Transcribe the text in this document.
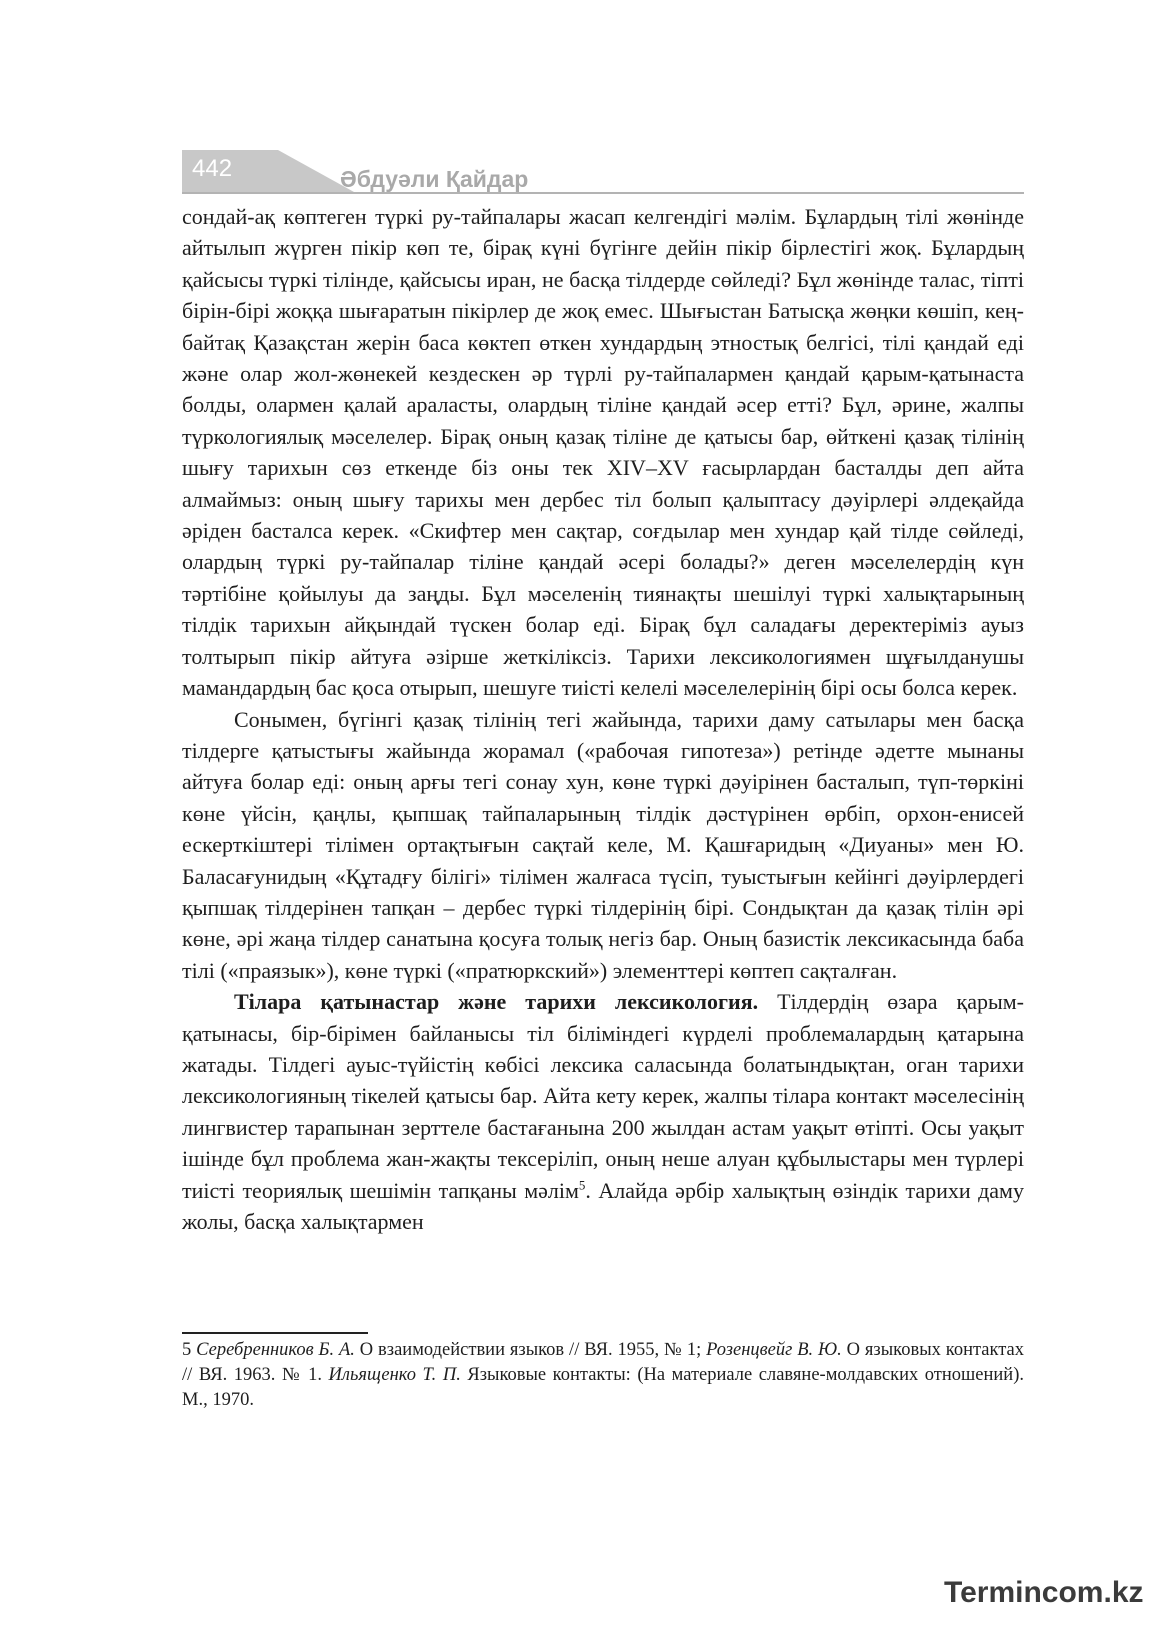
442	Әбдуәли Қайдар

сондай-ақ көптеген түркі ру-тайпалары жасап келгендігі мәлім. Бұлардың тілі жөнінде айтылып жүрген пікір көп те, бірақ күні бүгінге дейін пікір бірлестігі жоқ. Бұлардың қайсысы түркі тілінде, қайсысы иран, не басқа тілдерде сөйледі? Бұл жөнінде талас, тіпті бірін-бірі жоққа шығаратын пікірлер де жоқ емес. Шығыстан Батысқа жөңки көшіп, кең-байтақ Қазақстан жерін баса көктеп өткен хундардың этностық белгісі, тілі қандай еді және олар жол-жөнекей кездескен әр түрлі ру-тайпалармен қандай қарым-қатынаста болды, олармен қалай араласты, олардың тіліне қандай әсер етті? Бұл, әрине, жалпы түркологиялық мәселелер. Бірақ оның қазақ тіліне де қатысы бар, өйткені қазақ тілінің шығу тарихын сөз еткенде біз оны тек XIV–XV ғасырлардан басталды деп айта алмаймыз: оның шығу тарихы мен дербес тіл болып қалыптасу дәуірлері әлдеқайда әріден басталса керек. «Скифтер мен сақтар, соғдылар мен хундар қай тілде сөйледі, олардың түркі ру-тайпалар тіліне қандай әсері болады?» деген мәселелердің күн тәртібіне қойылуы да заңды. Бұл мәселенің тиянақты шешілуі түркі халықтарының тілдік тарихын айқындай түскен болар еді. Бірақ бұл саладағы деректеріміз ауыз толтырып пікір айтуға әзірше жеткіліксіз. Тарихи лексикологиямен шұғылданушы мамандардың бас қоса отырып, шешуге тиісті келелі мәселелерінің бірі осы болса керек.

Сонымен, бүгінгі қазақ тілінің тегі жайында, тарихи даму сатылары мен басқа тілдерге қатыстығы жайында жорамал («рабочая гипотеза») ретінде әдетте мынаны айтуға болар еді: оның арғы тегі сонау хун, көне түркі дәуірінен басталып, түп-төркіні көне үйсін, қаңлы, қыпшақ тайпаларының тілдік дәстүрінен өрбіп, орхон-енисей ескерткіштері тілімен ортақтығын сақтай келе, М. Қашғаридың «Диуаны» мен Ю. Баласағунидың «Құтадғу білігі» тілімен жалғаса түсіп, туыстығын кейінгі дәуірлердегі қыпшақ тілдерінен тапқан – дербес түркі тілдерінің бірі. Сондықтан да қазақ тілін әрі көне, әрі жаңа тілдер санатына қосуға толық негіз бар. Оның базистік лексикасында баба тілі («праязык»), көне түркі («пратюркский») элементтері көптеп сақталған.

Тілара қатынастар және тарихи лексикология. Тілдердің өзара қарым-қатынасы, бір-бірімен байланысы тіл біліміндегі күрделі проблемалардың қатарына жатады. Тілдегі ауыс-түйістің көбісі лексика саласында болатындықтан, оган тарихи лексикологияның тікелей қатысы бар. Айта кету керек, жалпы тілара контакт мәселесінің лингвистер тарапынан зерттеле бастағанына 200 жылдан астам уақыт өтіпті. Осы уақыт ішінде бұл проблема жан-жақты тексеріліп, оның неше алуан құбылыстары мен түрлері тиісті теориялық шешімін тапқаны мәлім$^5$. Алайда әрбір халықтың өзіндік тарихи даму жолы, басқа халықтармен

5 Серебренников Б. А. О взаимодействии языков // ВЯ. 1955, № 1; Розенцвейг В. Ю. О языковых контактах // ВЯ. 1963. № 1. Ильященко Т. П. Языковые контакты: (На материале славяне-молдавских отношений). М., 1970.
Termincom.kz
